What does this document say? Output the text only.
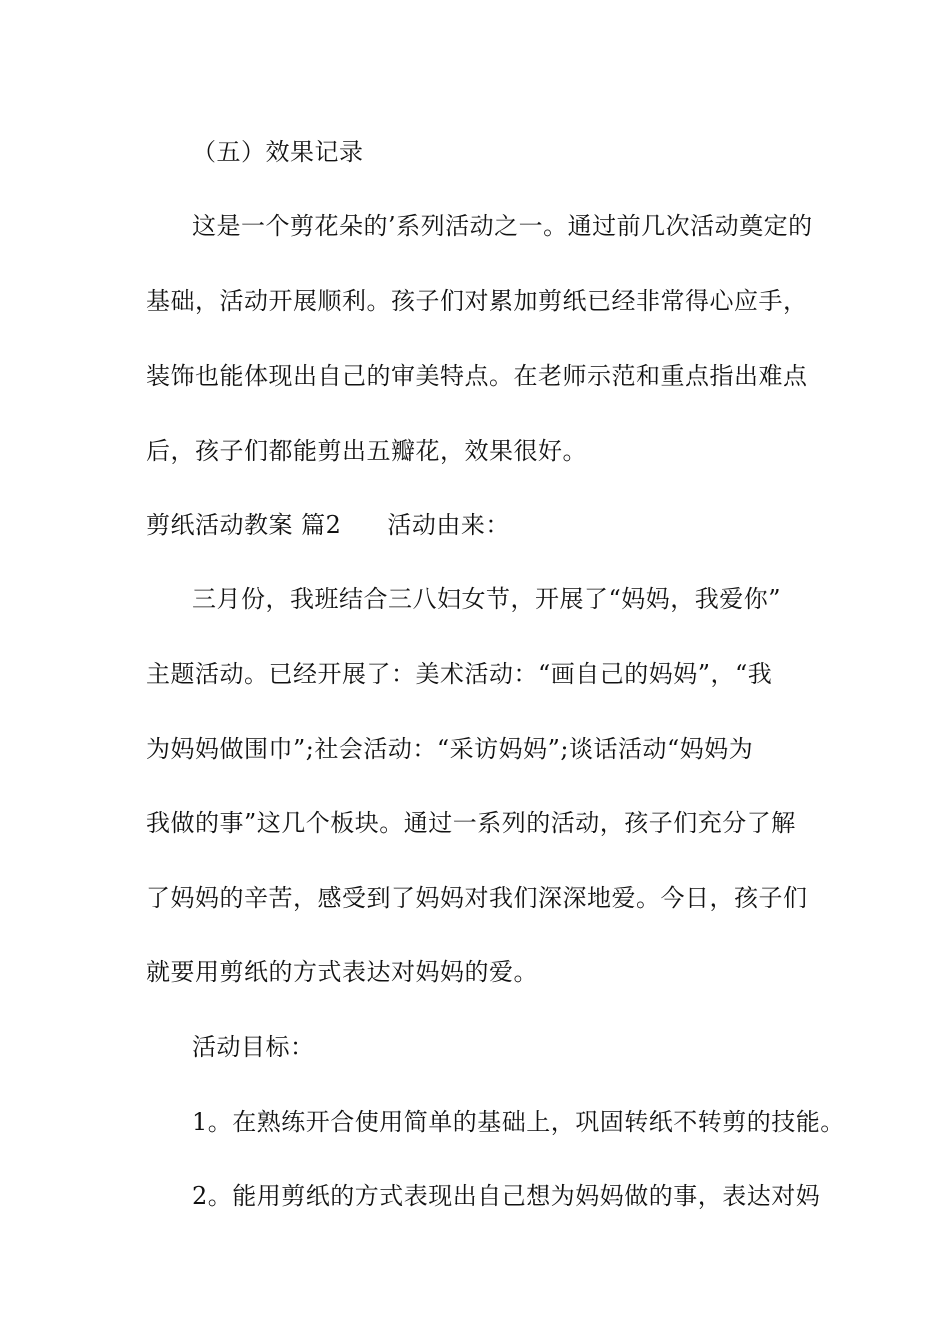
（五）效果记录
这是一个剪花朵的’系列活动之一。通过前几次活动奠定的
基础，活动开展顺利。孩子们对累加剪纸已经非常得心应手，
装饰也能体现出自己的审美特点。在老师示范和重点指出难点
后，孩子们都能剪出五瓣花，效果很好。
剪纸活动教案 篇2 活动由来：
三月份，我班结合三八妇女节，开展了“妈妈，我爱你”
主题活动。已经开展了：美术活动：“画自己的妈妈”，“我
为妈妈做围巾”;社会活动：“采访妈妈”;谈话活动“妈妈为
我做的事”这几个板块。通过一系列的活动，孩子们充分了解
了妈妈的辛苦，感受到了妈妈对我们深深地爱。今日，孩子们
就要用剪纸的方式表达对妈妈的爱。
活动目标：
1。在熟练开合使用简单的基础上，巩固转纸不转剪的技能。
2。能用剪纸的方式表现出自己想为妈妈做的事，表达对妈
